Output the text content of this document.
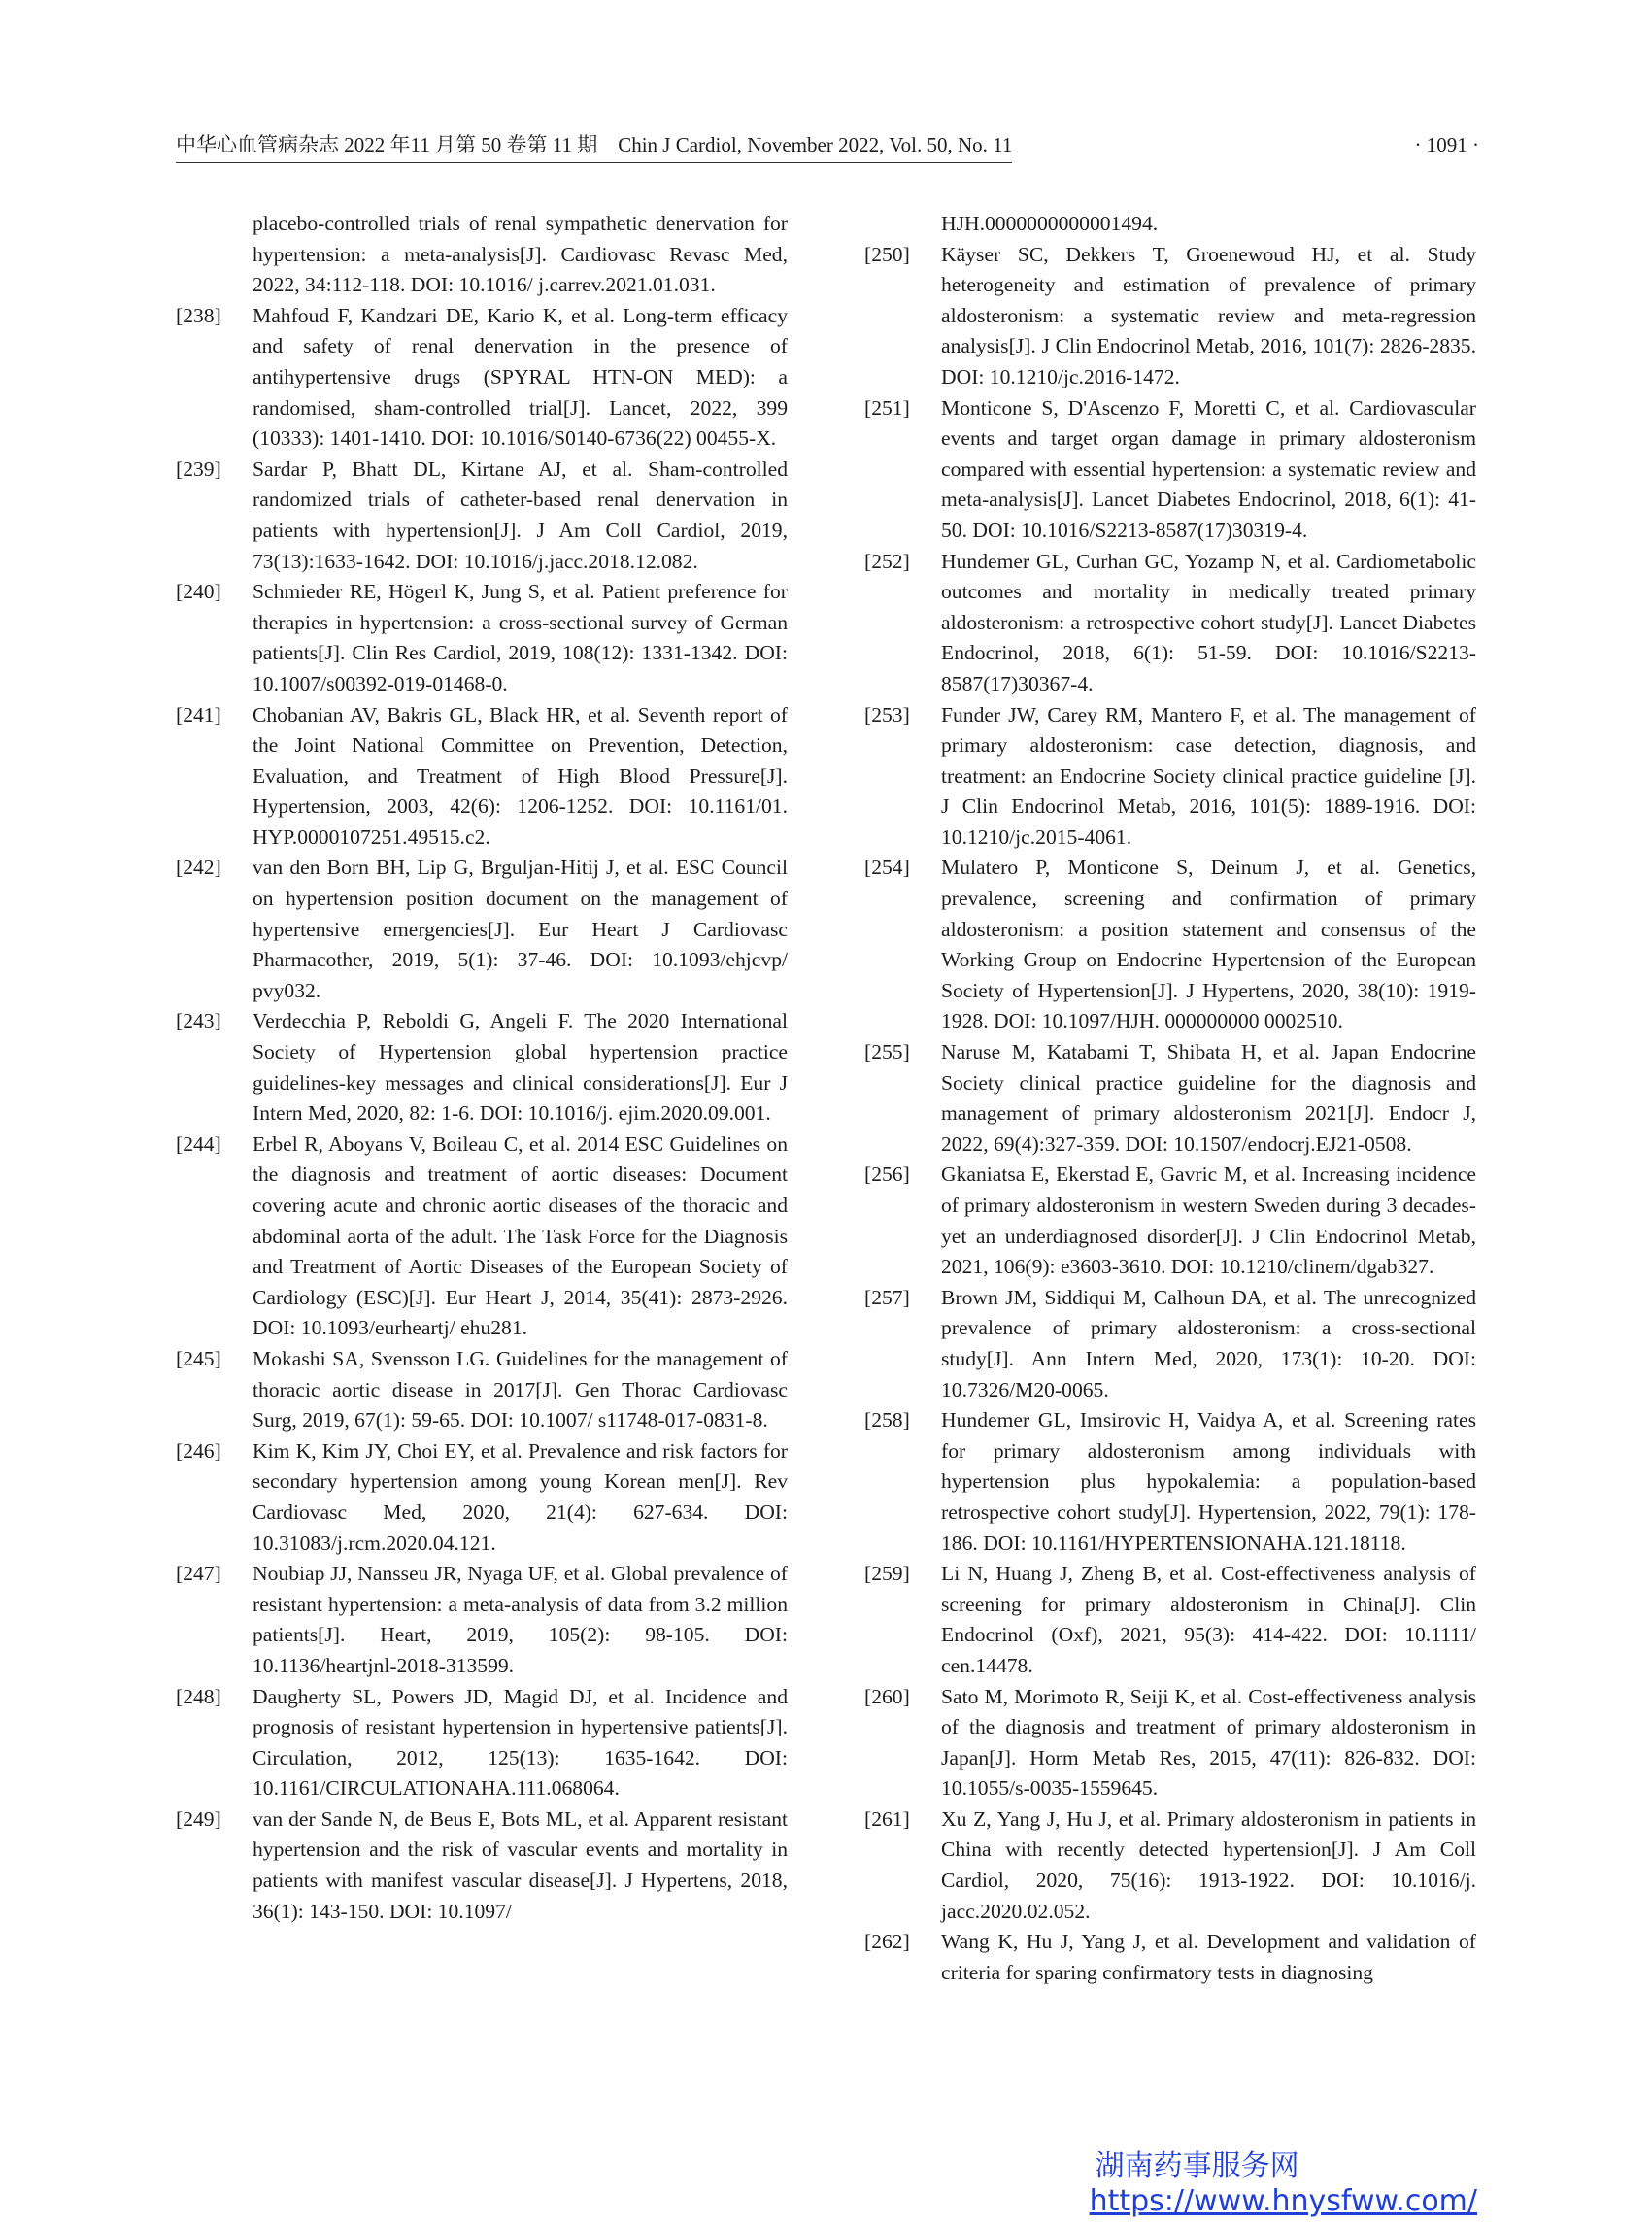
中华心血管病杂志 2022 年11 月第 50 卷第 11 期　Chin J Cardiol, November 2022, Vol. 50, No. 11	· 1091 ·
placebo-controlled trials of renal sympathetic denervation for hypertension: a meta-analysis[J]. Cardiovasc Revasc Med, 2022, 34:112-118. DOI: 10.1016/ j.carrev.2021.01.031.
[238] Mahfoud F, Kandzari DE, Kario K, et al. Long-term efficacy and safety of renal denervation in the presence of antihypertensive drugs (SPYRAL HTN-ON MED): a randomised, sham-controlled trial[J]. Lancet, 2022, 399 (10333): 1401-1410. DOI: 10.1016/S0140-6736(22) 00455-X.
[239] Sardar P, Bhatt DL, Kirtane AJ, et al. Sham-controlled randomized trials of catheter-based renal denervation in patients with hypertension[J]. J Am Coll Cardiol, 2019, 73(13):1633-1642. DOI: 10.1016/j.jacc.2018.12.082.
[240] Schmieder RE, Högerl K, Jung S, et al. Patient preference for therapies in hypertension: a cross-sectional survey of German patients[J]. Clin Res Cardiol, 2019, 108(12): 1331-1342. DOI: 10.1007/s00392-019-01468-0.
[241] Chobanian AV, Bakris GL, Black HR, et al. Seventh report of the Joint National Committee on Prevention, Detection, Evaluation, and Treatment of High Blood Pressure[J]. Hypertension, 2003, 42(6): 1206-1252. DOI: 10.1161/01. HYP.0000107251.49515.c2.
[242] van den Born BH, Lip G, Brguljan-Hitij J, et al. ESC Council on hypertension position document on the management of hypertensive emergencies[J]. Eur Heart J Cardiovasc Pharmacother, 2019, 5(1): 37-46. DOI: 10.1093/ehjcvp/ pvy032.
[243] Verdecchia P, Reboldi G, Angeli F. The 2020 International Society of Hypertension global hypertension practice guidelines-key messages and clinical considerations[J]. Eur J Intern Med, 2020, 82: 1-6. DOI: 10.1016/j. ejim.2020.09.001.
[244] Erbel R, Aboyans V, Boileau C, et al. 2014 ESC Guidelines on the diagnosis and treatment of aortic diseases: Document covering acute and chronic aortic diseases of the thoracic and abdominal aorta of the adult. The Task Force for the Diagnosis and Treatment of Aortic Diseases of the European Society of Cardiology (ESC)[J]. Eur Heart J, 2014, 35(41): 2873-2926. DOI: 10.1093/eurheartj/ ehu281.
[245] Mokashi SA, Svensson LG. Guidelines for the management of thoracic aortic disease in 2017[J]. Gen Thorac Cardiovasc Surg, 2019, 67(1): 59-65. DOI: 10.1007/ s11748-017-0831-8.
[246] Kim K, Kim JY, Choi EY, et al. Prevalence and risk factors for secondary hypertension among young Korean men[J]. Rev Cardiovasc Med, 2020, 21(4): 627-634. DOI: 10.31083/j.rcm.2020.04.121.
[247] Noubiap JJ, Nansseu JR, Nyaga UF, et al. Global prevalence of resistant hypertension: a meta-analysis of data from 3.2 million patients[J]. Heart, 2019, 105(2): 98-105. DOI: 10.1136/heartjnl-2018-313599.
[248] Daugherty SL, Powers JD, Magid DJ, et al. Incidence and prognosis of resistant hypertension in hypertensive patients[J]. Circulation, 2012, 125(13): 1635-1642. DOI: 10.1161/CIRCULATIONAHA.111.068064.
[249] van der Sande N, de Beus E, Bots ML, et al. Apparent resistant hypertension and the risk of vascular events and mortality in patients with manifest vascular disease[J]. J Hypertens, 2018, 36(1): 143-150. DOI: 10.1097/
HJH.0000000000001494.
[250] Käyser SC, Dekkers T, Groenewoud HJ, et al. Study heterogeneity and estimation of prevalence of primary aldosteronism: a systematic review and meta-regression analysis[J]. J Clin Endocrinol Metab, 2016, 101(7): 2826-2835. DOI: 10.1210/jc.2016-1472.
[251] Monticone S, D'Ascenzo F, Moretti C, et al. Cardiovascular events and target organ damage in primary aldosteronism compared with essential hypertension: a systematic review and meta-analysis[J]. Lancet Diabetes Endocrinol, 2018, 6(1): 41-50. DOI: 10.1016/S2213-8587(17)30319-4.
[252] Hundemer GL, Curhan GC, Yozamp N, et al. Cardiometabolic outcomes and mortality in medically treated primary aldosteronism: a retrospective cohort study[J]. Lancet Diabetes Endocrinol, 2018, 6(1): 51-59. DOI: 10.1016/S2213-8587(17)30367-4.
[253] Funder JW, Carey RM, Mantero F, et al. The management of primary aldosteronism: case detection, diagnosis, and treatment: an Endocrine Society clinical practice guideline [J]. J Clin Endocrinol Metab, 2016, 101(5): 1889-1916. DOI: 10.1210/jc.2015-4061.
[254] Mulatero P, Monticone S, Deinum J, et al. Genetics, prevalence, screening and confirmation of primary aldosteronism: a position statement and consensus of the Working Group on Endocrine Hypertension of the European Society of Hypertension[J]. J Hypertens, 2020, 38(10): 1919-1928. DOI: 10.1097/HJH. 000000000 0002510.
[255] Naruse M, Katabami T, Shibata H, et al. Japan Endocrine Society clinical practice guideline for the diagnosis and management of primary aldosteronism 2021[J]. Endocr J, 2022, 69(4):327-359. DOI: 10.1507/endocrj.EJ21-0508.
[256] Gkaniatsa E, Ekerstad E, Gavric M, et al. Increasing incidence of primary aldosteronism in western Sweden during 3 decades-yet an underdiagnosed disorder[J]. J Clin Endocrinol Metab, 2021, 106(9): e3603-3610. DOI: 10.1210/clinem/dgab327.
[257] Brown JM, Siddiqui M, Calhoun DA, et al. The unrecognized prevalence of primary aldosteronism: a cross-sectional study[J]. Ann Intern Med, 2020, 173(1): 10-20. DOI: 10.7326/M20-0065.
[258] Hundemer GL, Imsirovic H, Vaidya A, et al. Screening rates for primary aldosteronism among individuals with hypertension plus hypokalemia: a population-based retrospective cohort study[J]. Hypertension, 2022, 79(1): 178-186. DOI: 10.1161/HYPERTENSIONAHA.121.18118.
[259] Li N, Huang J, Zheng B, et al. Cost-effectiveness analysis of screening for primary aldosteronism in China[J]. Clin Endocrinol (Oxf), 2021, 95(3): 414-422. DOI: 10.1111/ cen.14478.
[260] Sato M, Morimoto R, Seiji K, et al. Cost-effectiveness analysis of the diagnosis and treatment of primary aldosteronism in Japan[J]. Horm Metab Res, 2015, 47(11): 826-832. DOI: 10.1055/s-0035-1559645.
[261] Xu Z, Yang J, Hu J, et al. Primary aldosteronism in patients in China with recently detected hypertension[J]. J Am Coll Cardiol, 2020, 75(16): 1913-1922. DOI: 10.1016/j. jacc.2020.02.052.
[262] Wang K, Hu J, Yang J, et al. Development and validation of criteria for sparing confirmatory tests in diagnosing
湖南药事服务网
https://www.hnysfww.com/
